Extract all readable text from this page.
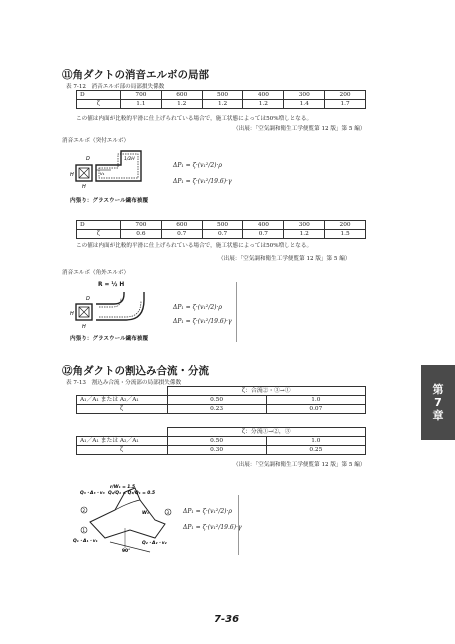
⑪角ダクトの消音エルボの局部
表 7-12　消音エルボ部の局部損失係数
D	700	600	500	400	300	200
ζ	1.1	1.2	1.2	1.2	1.4	1.7
この値は内面が比較的平滑に仕上げられている場合で，施工状態によっては50%増しとなる。
（出展：「空気調和衛生工学便覧第 12 版」第 5 編）
消音エルボ（突付エルボ）
D
H
H
v₁
1/2H
内張り：グラスウール繊布被覆
ΔP₁ = ζ·(v₁²/2)·ρ
ΔP₁ = ζ·(v₁²/19.6)·γ
D	700	600	500	400	300	200
ζ	0.6	0.7	0.7	0.7	1.2	1.5
この値は内面が比較的平滑に仕上げられている場合で，施工状態によっては50%増しとなる。
（出展：「空気調和衛生工学便覧第 12 版」第 5 編）
消音エルボ（角外エルボ）
R = ½ H
D
H
H
内張り：グラスウール繊布被覆
ΔP₁ = ζ·(v₁²/2)·ρ
ΔP₁ = ζ·(v₁²/19.6)·γ
⑫角ダクトの割込み合流・分流
表 7-13　割込み合流・分流部の局部損失係数
	ζ：合流②・③→①	
A₁／A₁ または A₂／A₁	0.50	1.0
ζ	0.23	0.07
	ζ：分流①→②，③	
A₁／A₁ または A₂／A₁	0.50	1.0
ζ	0.30	0.25
（出展：「空気調和衛生工学便覧第 12 版」第 5 編）
2
1
3
Q₃・A₃・v₃
Q₁・A₁・v₁	Q₂・A₂・v₂
r/W₁ = 1.5
Q₂/Q₁ = Q₃/Q₁ = 0.5
90°
W₁	ΔP₁ = ζ·(v₁²/2)·ρ
ΔP₁ = ζ·(v₁²/19.6)·γ
第
7
章
7-36
